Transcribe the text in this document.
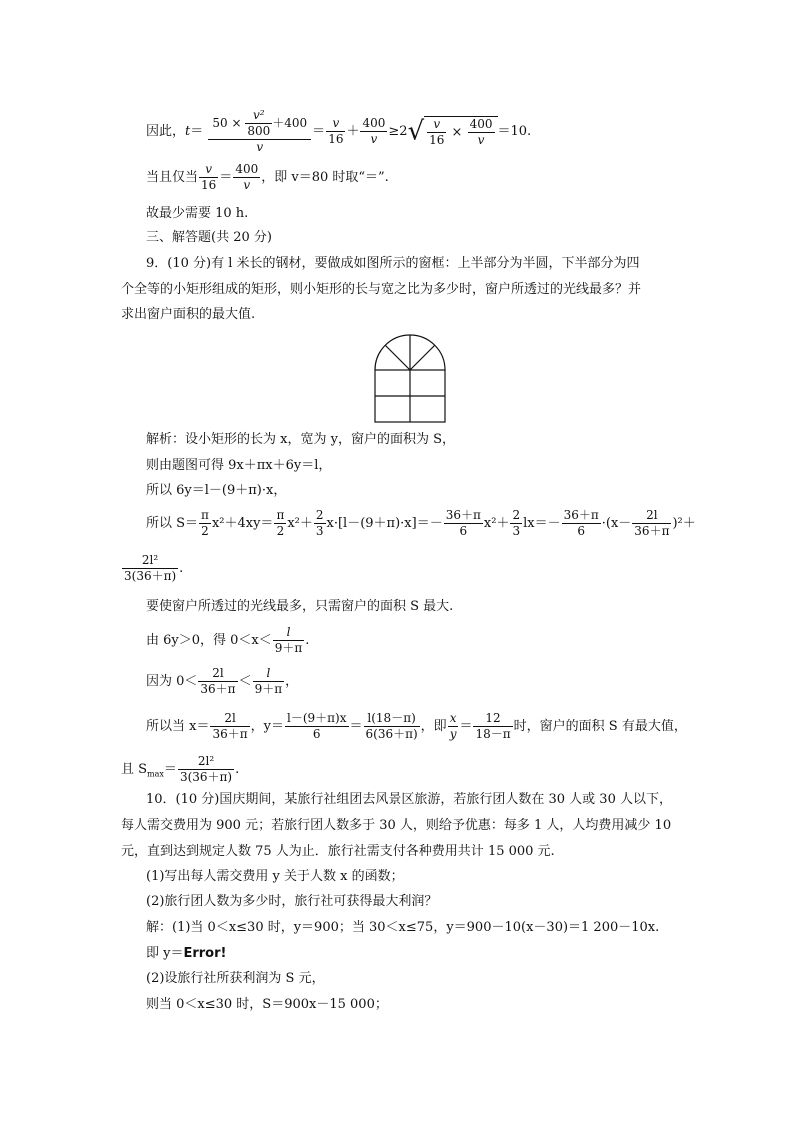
因此，$t= \frac{50 \times \frac{\text{v²}}{800} +400}{v} = \frac{v}{16} + \frac{400}{v} \ge 2√ \frac{v}{16} \times \frac{400}{v} =10$.
当且仅当 $\frac{v}{16} = \frac{400}{v}$ ，即 v＝80 时取“＝”.
故最少需要 10 h.
三、解答题(共 20 分)
9．(10 分)有 l 米长的钢材，要做成如图所示的窗框：上半部分为半圆，下半部分为四
个全等的小矩形组成的矩形，则小矩形的长与宽之比为多少时，窗户所透过的光线最多？并
求出窗户面积的最大值.
解析：设小矩形的长为 x，宽为 y，窗户的面积为 S，
则由题图可得 9x＋πx＋6y＝l，
所以 6y＝l－(9＋π)·x，
所以 $S= \frac{\pi}{2} x^2+4xy= \frac{\pi}{2} x^2+ \frac{2}{3} x\cdot[l-(9+\pi)\cdot x]=- \frac{36+\pi}{6} x^2+ \frac{2}{3} lx=- \frac{36+\pi}{6} \cdot(x- \frac{2l}{36+\pi} )^2+$
$\frac{\text{2l²}}{3(36+\pi)}$ .
要使窗户所透过的光线最多，只需窗户的面积 S 最大.
由 6y＞0，得 $0<x< \frac{l}{9+\pi}$ .
因为 $0< \frac{2l}{36+\pi} < \frac{l}{9+\pi}$ ，
所以当 $x= \frac{2l}{36+\pi}$ ，$y= \frac{l-(9+\pi)x}{6} = \frac{l(18-\pi)}{6(36+\pi)}$ ，即 $\frac{x}{y} = \frac{12}{18-\pi}$ 时，窗户的面积 S 有最大值，
且 $S_{max}= \frac{\text{2l²}}{3(36+\pi)}$ .
10．(10 分)国庆期间，某旅行社组团去风景区旅游，若旅行团人数在 30 人或 30 人以下，
每人需交费用为 900 元；若旅行团人数多于 30 人，则给予优惠：每多 1 人，人均费用减少 10
元，直到达到规定人数 75 人为止．旅行社需支付各种费用共计 15 000 元.
(1)写出每人需交费用 y 关于人数 x 的函数；
(2)旅行团人数为多少时，旅行社可获得最大利润？
解：(1)当 0＜x≤30 时，y＝900；当 30＜x≤75，y＝900－10(x－30)＝1 200－10x.
即 y＝Error!
(2)设旅行社所获利润为 S 元，
则当 0＜x≤30 时，S＝900x－15 000；
